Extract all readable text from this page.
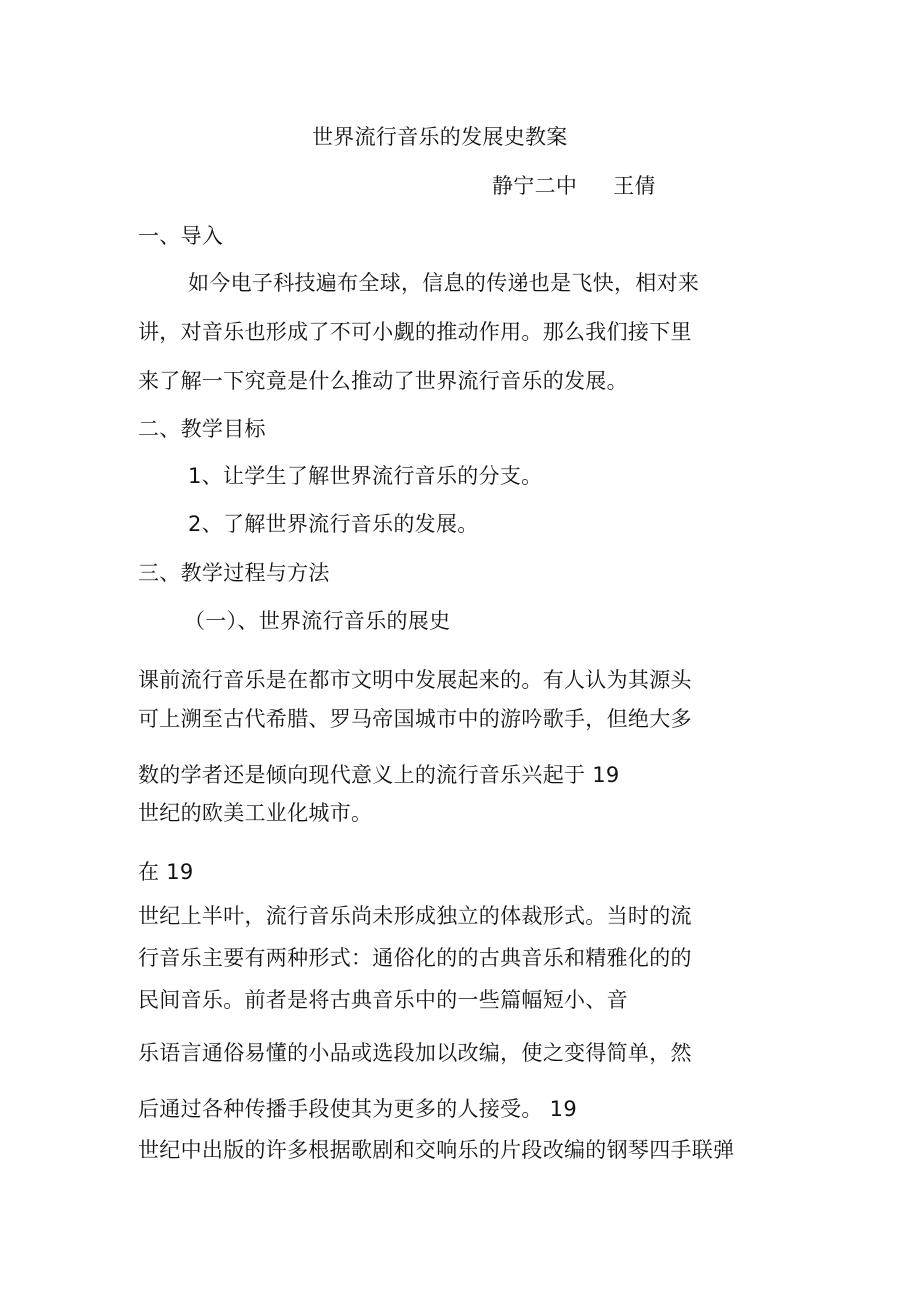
世界流行音乐的发展史教案
静宁二中 王倩
一、导入
如今电子科技遍布全球，信息的传递也是飞快，相对来
讲，对音乐也形成了不可小觑的推动作用。那么我们接下里
来了解一下究竟是什么推动了世界流行音乐的发展。
二、教学目标
1、让学生了解世界流行音乐的分支。
2、了解世界流行音乐的发展。
三、教学过程与方法
（一）、世界流行音乐的展史
课前流行音乐是在都市文明中发展起来的。有人认为其源头
可上溯至古代希腊、罗马帝国城市中的游吟歌手，但绝大多
数的学者还是倾向现代意义上的流行音乐兴起于 19
世纪的欧美工业化城市。
在 19
世纪上半叶，流行音乐尚未形成独立的体裁形式。当时的流
行音乐主要有两种形式：通俗化的的古典音乐和精雅化的的
民间音乐。前者是将古典音乐中的一些篇幅短小、音
乐语言通俗易懂的小品或选段加以改编，使之变得简单，然
后通过各种传播手段使其为更多的人接受。 19
世纪中出版的许多根据歌剧和交响乐的片段改编的钢琴四手联弹
